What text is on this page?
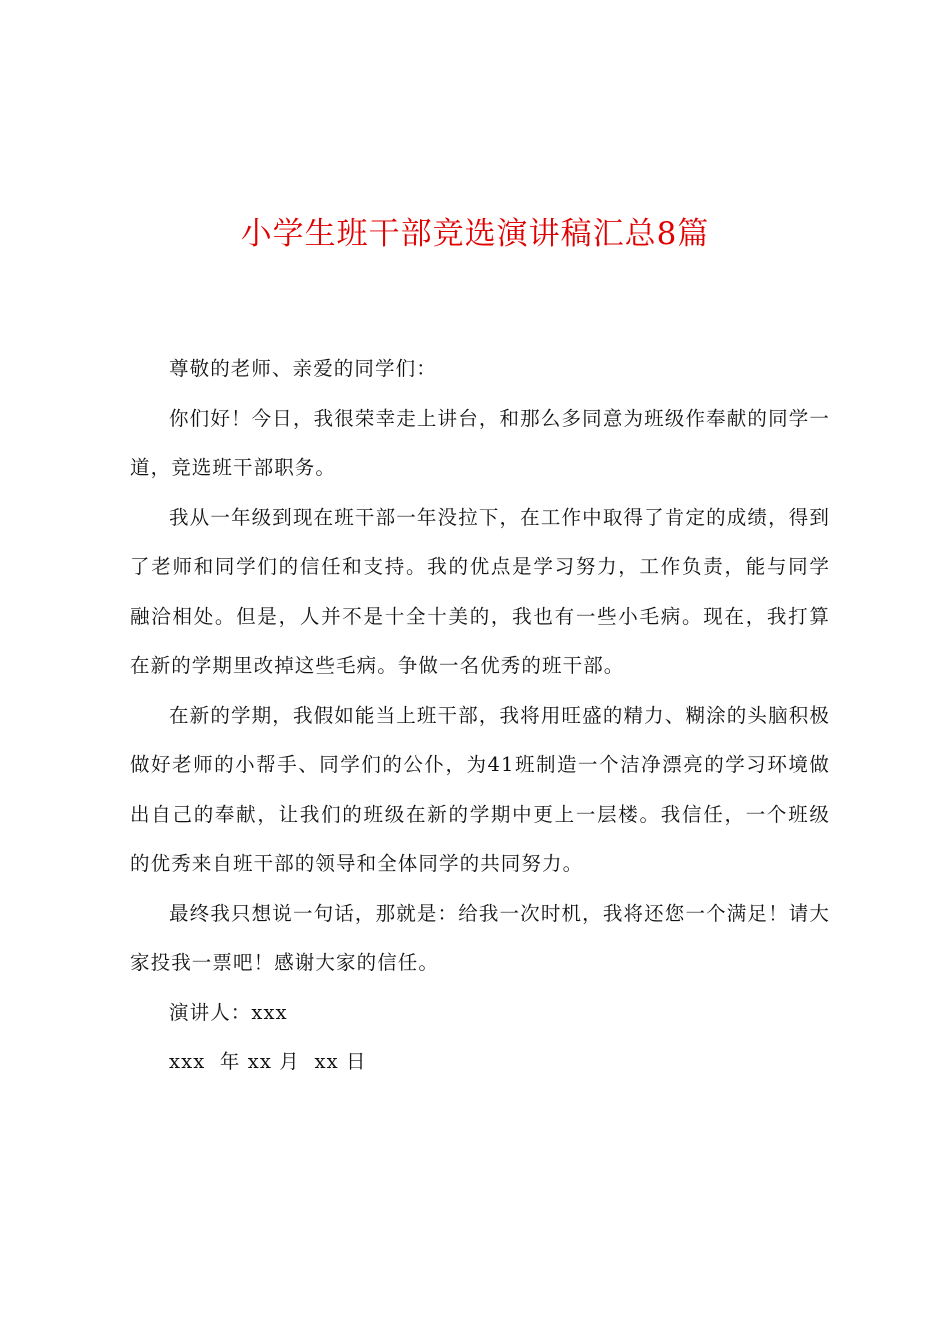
小学生班干部竞选演讲稿汇总8篇

尊敬的老师、亲爱的同学们：

你们好！今日，我很荣幸走上讲台，和那么多同意为班级作奉献的同学一道，竞选班干部职务。

我从一年级到现在班干部一年没拉下，在工作中取得了肯定的成绩，得到了老师和同学们的信任和支持。我的优点是学习努力，工作负责，能与同学融洽相处。但是，人并不是十全十美的，我也有一些小毛病。现在，我打算在新的学期里改掉这些毛病。争做一名优秀的班干部。

在新的学期，我假如能当上班干部，我将用旺盛的精力、糊涂的头脑积极做好老师的小帮手、同学们的公仆，为41班制造一个洁净漂亮的学习环境做出自己的奉献，让我们的班级在新的学期中更上一层楼。我信任，一个班级的优秀来自班干部的领导和全体同学的共同努力。

最终我只想说一句话，那就是：给我一次时机，我将还您一个满足！请大家投我一票吧！感谢大家的信任。

演讲人：xxx

xxx  年 xx 月  xx 日
